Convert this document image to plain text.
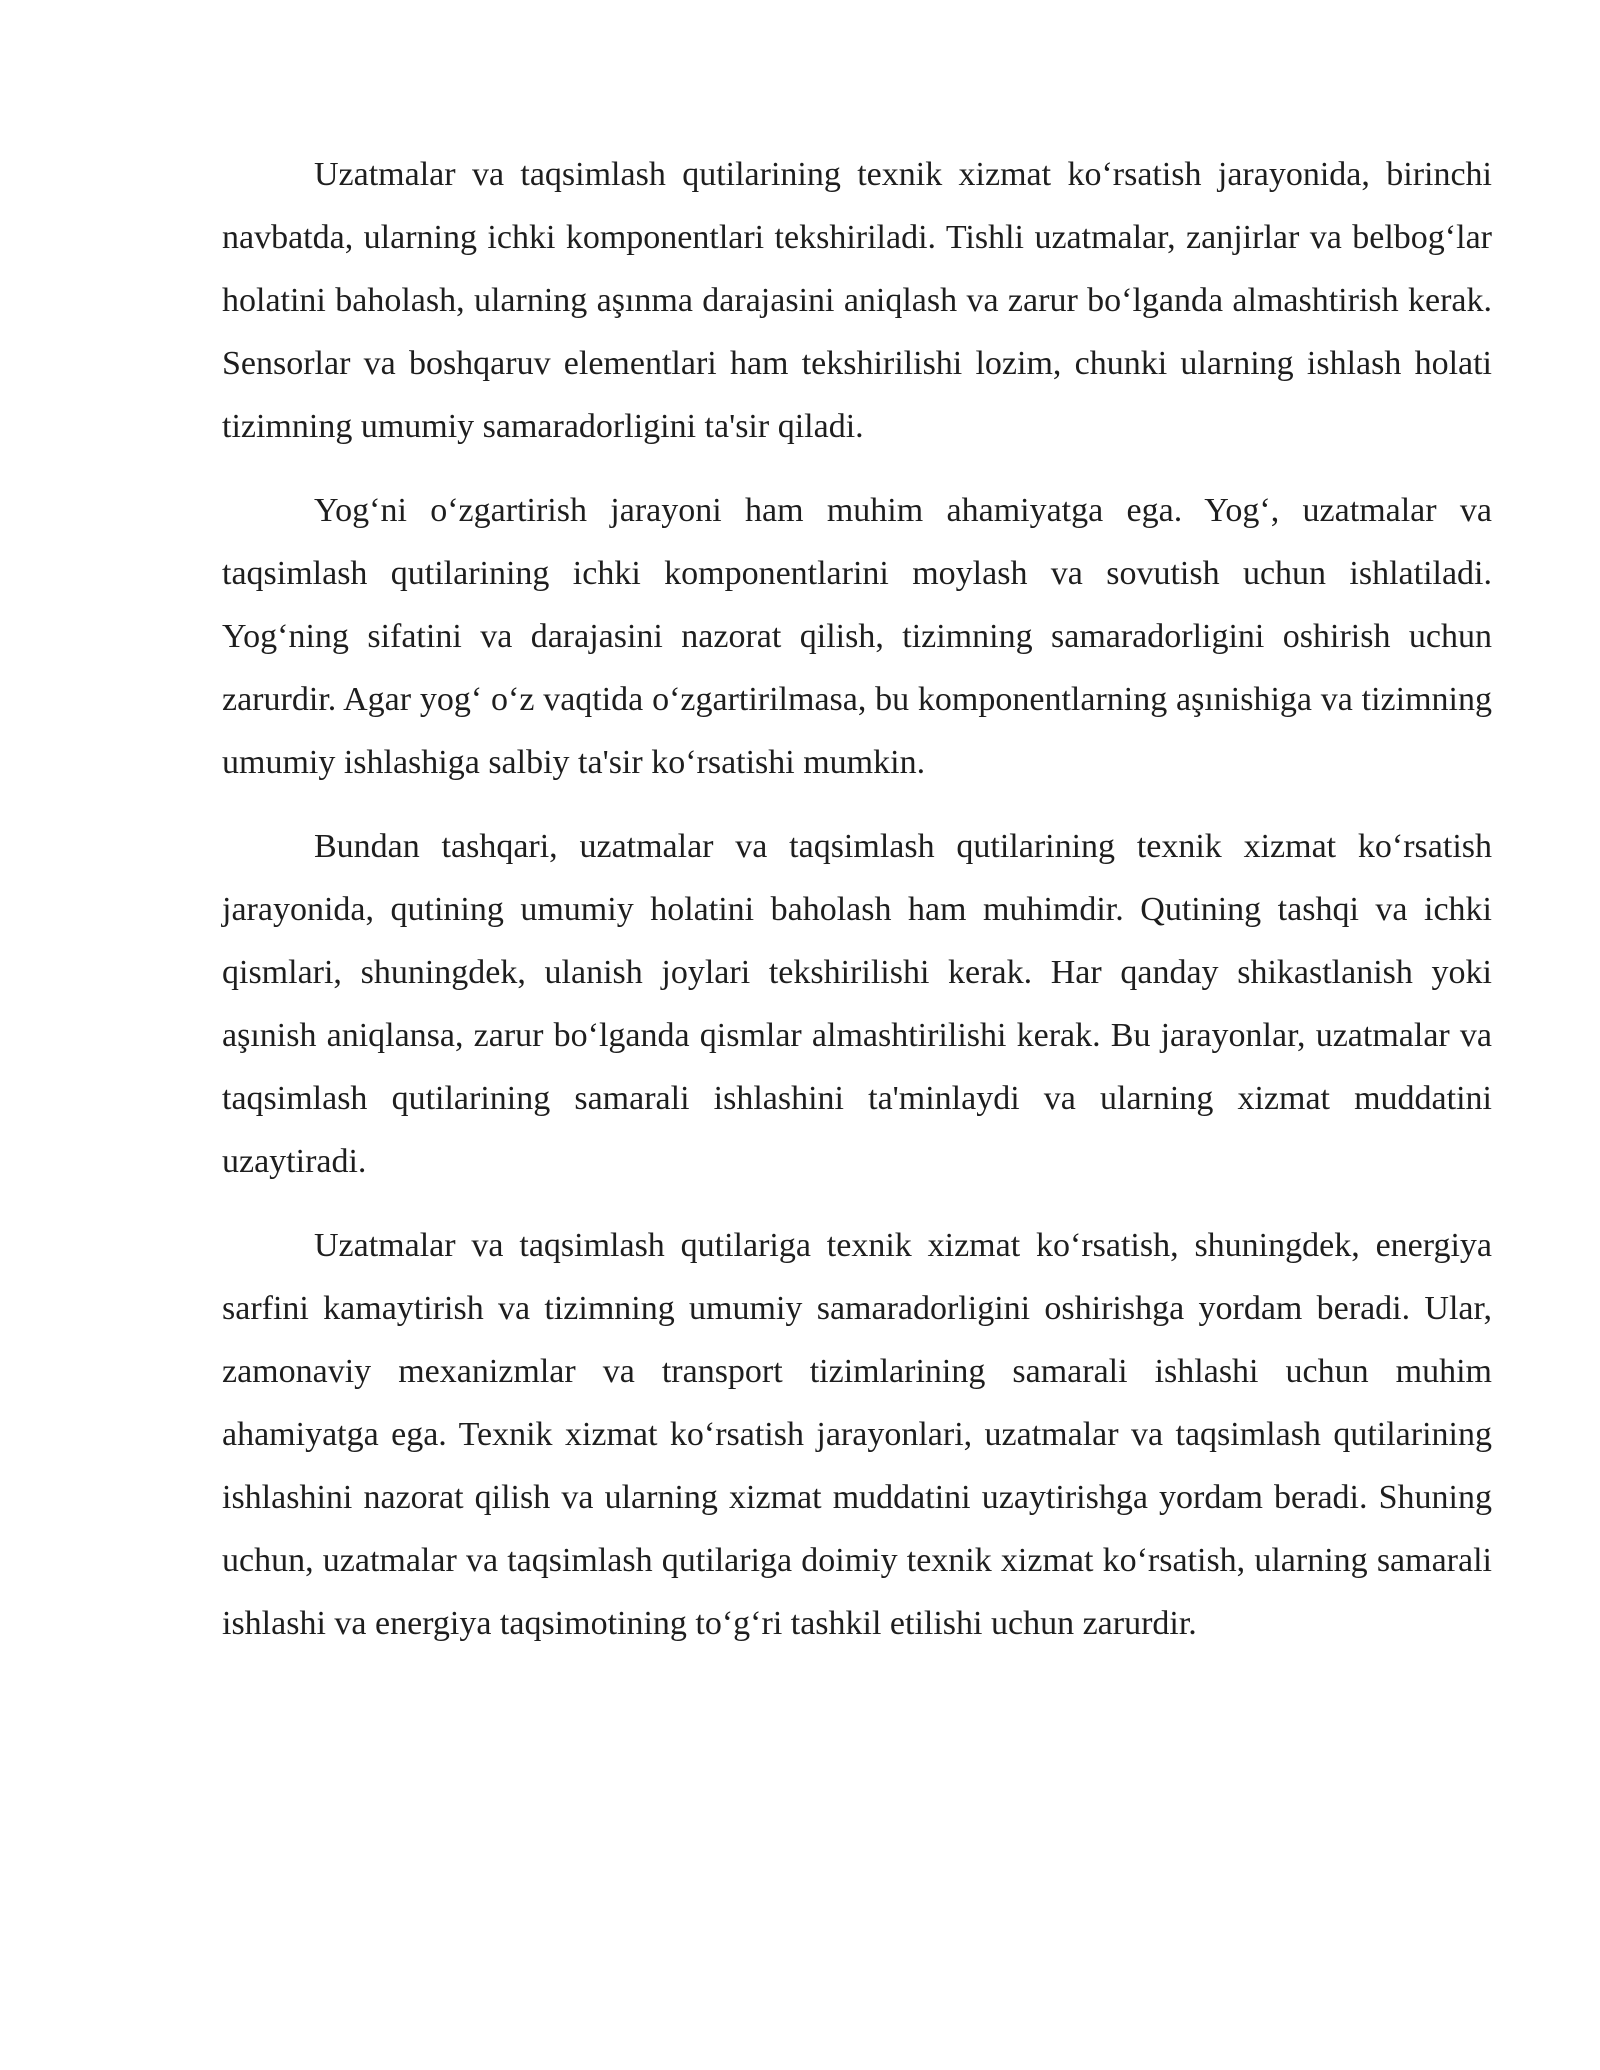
Uzatmalar va taqsimlash qutilarining texnik xizmat ko‘rsatish jarayonida, birinchi navbatda, ularning ichki komponentlari tekshiriladi. Tishli uzatmalar, zanjirlar va belbog‘lar holatini baholash, ularning aşınma darajasini aniqlash va zarur bo‘lganda almashtirish kerak. Sensorlar va boshqaruv elementlari ham tekshirilishi lozim, chunki ularning ishlash holati tizimning umumiy samaradorligini ta'sir qiladi.

Yog‘ni o‘zgartirish jarayoni ham muhim ahamiyatga ega. Yog‘, uzatmalar va taqsimlash qutilarining ichki komponentlarini moylash va sovutish uchun ishlatiladi. Yog‘ning sifatini va darajasini nazorat qilish, tizimning samaradorligini oshirish uchun zarurdir. Agar yog‘ o‘z vaqtida o‘zgartirilmasa, bu komponentlarning aşınishiga va tizimning umumiy ishlashiga salbiy ta'sir ko‘rsatishi mumkin.

Bundan tashqari, uzatmalar va taqsimlash qutilarining texnik xizmat ko‘rsatish jarayonida, qutining umumiy holatini baholash ham muhimdir. Qutining tashqi va ichki qismlari, shuningdek, ulanish joylari tekshirilishi kerak. Har qanday shikastlanish yoki aşınish aniqlansa, zarur bo‘lganda qismlar almashtirilishi kerak. Bu jarayonlar, uzatmalar va taqsimlash qutilarining samarali ishlashini ta'minlaydi va ularning xizmat muddatini uzaytiradi.

Uzatmalar va taqsimlash qutilariga texnik xizmat ko‘rsatish, shuningdek, energiya sarfini kamaytirish va tizimning umumiy samaradorligini oshirishga yordam beradi. Ular, zamonaviy mexanizmlar va transport tizimlarining samarali ishlashi uchun muhim ahamiyatga ega. Texnik xizmat ko‘rsatish jarayonlari, uzatmalar va taqsimlash qutilarining ishlashini nazorat qilish va ularning xizmat muddatini uzaytirishga yordam beradi. Shuning uchun, uzatmalar va taqsimlash qutilariga doimiy texnik xizmat ko‘rsatish, ularning samarali ishlashi va energiya taqsimotining to‘g‘ri tashkil etilishi uchun zarurdir.
